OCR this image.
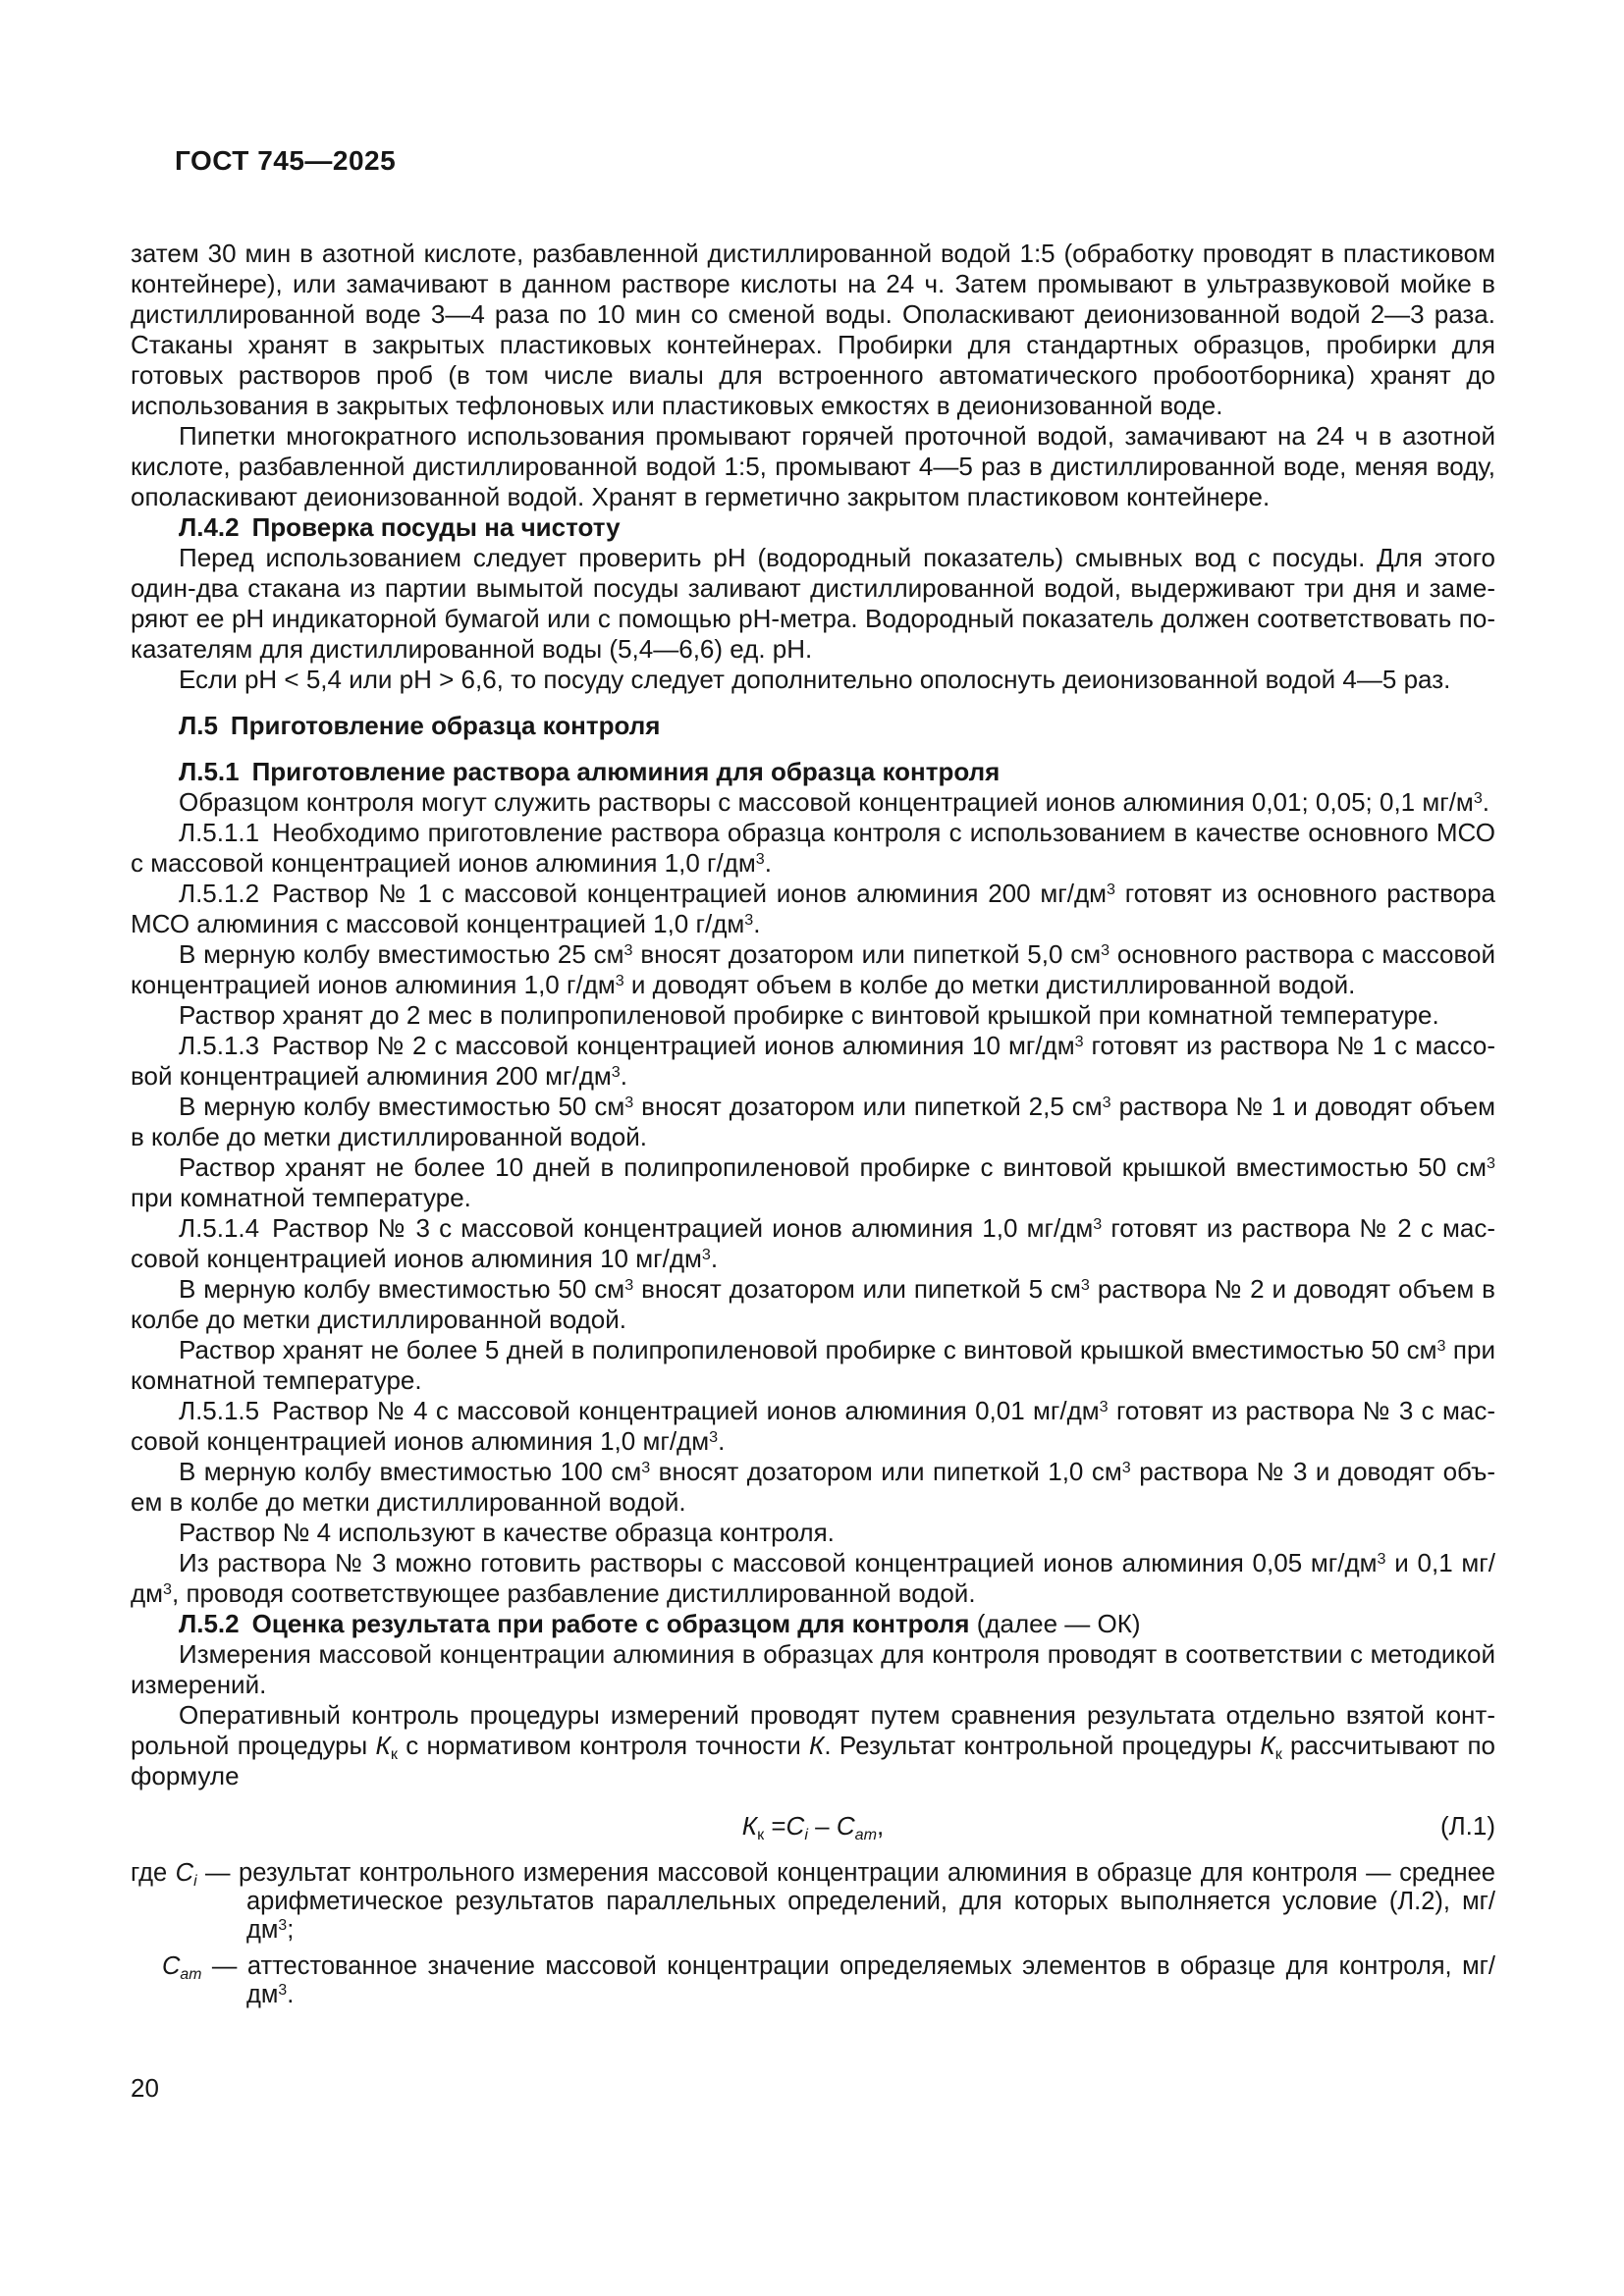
ГОСТ 745—2025
затем 30 мин в азотной кислоте, разбавленной дистиллированной водой 1:5 (обработку проводят в пластиковом контейнере), или замачивают в данном растворе кислоты на 24 ч. Затем промывают в ультразвуковой мойке в дистиллированной воде 3—4 раза по 10 мин со сменой воды. Ополаскивают деионизованной водой 2—3 раза. Стаканы хранят в закрытых пластиковых контейнерах. Пробирки для стандартных образцов, пробирки для готовых растворов проб (в том числе виалы для встроенного автоматического пробоотборника) хранят до использования в закрытых тефлоновых или пластиковых емкостях в деионизованной воде.
Пипетки многократного использования промывают горячей проточной водой, замачивают на 24 ч в азотной кислоте, разбавленной дистиллированной водой 1:5, промывают 4—5 раз в дистиллированной воде, меняя воду, ополаскивают деионизованной водой. Хранят в герметично закрытом пластиковом контейнере.
Л.4.2 Проверка посуды на чистоту
Перед использованием следует проверить pH (водородный показатель) смывных вод с посуды. Для этого один-два стакана из партии вымытой посуды заливают дистиллированной водой, выдерживают три дня и замеряют ее pH индикаторной бумагой или с помощью pH-метра. Водородный показатель должен соответствовать показателям для дистиллированной воды (5,4—6,6) ед. pH.
Если pH < 5,4 или pH > 6,6, то посуду следует дополнительно ополоснуть деионизованной водой 4—5 раз.
Л.5 Приготовление образца контроля
Л.5.1 Приготовление раствора алюминия для образца контроля
Образцом контроля могут служить растворы с массовой концентрацией ионов алюминия 0,01; 0,05; 0,1 $мг/м^3$.
Л.5.1.1 Необходимо приготовление раствора образца контроля с использованием в качестве основного МСО с массовой концентрацией ионов алюминия 1,0 $г/дм^3$.
Л.5.1.2 Раствор № 1 с массовой концентрацией ионов алюминия 200 $мг/дм^3$ готовят из основного раствора МСО алюминия с массовой концентрацией 1,0 $г/дм^3$.
В мерную колбу вместимостью 25 $см^3$ вносят дозатором или пипеткой 5,0 $см^3$ основного раствора с массовой концентрацией ионов алюминия 1,0 $г/дм^3$ и доводят объем в колбе до метки дистиллированной водой.
Раствор хранят до 2 мес в полипропиленовой пробирке с винтовой крышкой при комнатной температуре.
Л.5.1.3 Раствор № 2 с массовой концентрацией ионов алюминия 10 $мг/дм^3$ готовят из раствора № 1 с массовой концентрацией алюминия 200 $мг/дм^3$.
В мерную колбу вместимостью 50 $см^3$ вносят дозатором или пипеткой 2,5 $см^3$ раствора № 1 и доводят объем в колбе до метки дистиллированной водой.
Раствор хранят не более 10 дней в полипропиленовой пробирке с винтовой крышкой вместимостью 50 $см^3$ при комнатной температуре.
Л.5.1.4 Раствор № 3 с массовой концентрацией ионов алюминия 1,0 $мг/дм^3$ готовят из раствора № 2 с массовой концентрацией ионов алюминия 10 $мг/дм^3$.
В мерную колбу вместимостью 50 $см^3$ вносят дозатором или пипеткой 5 $см^3$ раствора № 2 и доводят объем в колбе до метки дистиллированной водой.
Раствор хранят не более 5 дней в полипропиленовой пробирке с винтовой крышкой вместимостью 50 $см^3$ при комнатной температуре.
Л.5.1.5 Раствор № 4 с массовой концентрацией ионов алюминия 0,01 $мг/дм^3$ готовят из раствора № 3 с массовой концентрацией ионов алюминия 1,0 $мг/дм^3$.
В мерную колбу вместимостью 100 $см^3$ вносят дозатором или пипеткой 1,0 $см^3$ раствора № 3 и доводят объем в колбе до метки дистиллированной водой.
Раствор № 4 используют в качестве образца контроля.
Из раствора № 3 можно готовить растворы с массовой концентрацией ионов алюминия 0,05 $мг/дм^3$ и 0,1 $мг/дм^3$, проводя соответствующее разбавление дистиллированной водой.
Л.5.2 Оценка результата при работе с образцом для контроля (далее — ОК)
Измерения массовой концентрации алюминия в образцах для контроля проводят в соответствии с методикой измерений.
Оперативный контроль процедуры измерений проводят путем сравнения результата отдельно взятой контрольной процедуры $К_к$ с нормативом контроля точности К. Результат контрольной процедуры $К_к$ рассчитывают по формуле
$К_к =С_i - С_{ат}$,	(Л.1)
где $С_i$ — результат контрольного измерения массовой концентрации алюминия в образце для контроля — среднее арифметическое результатов параллельных определений, для которых выполняется условие (Л.2), $мг/дм^3$;
$С_{ат}$ — аттестованное значение массовой концентрации определяемых элементов в образце для контроля, $мг/дм^3$.
20
